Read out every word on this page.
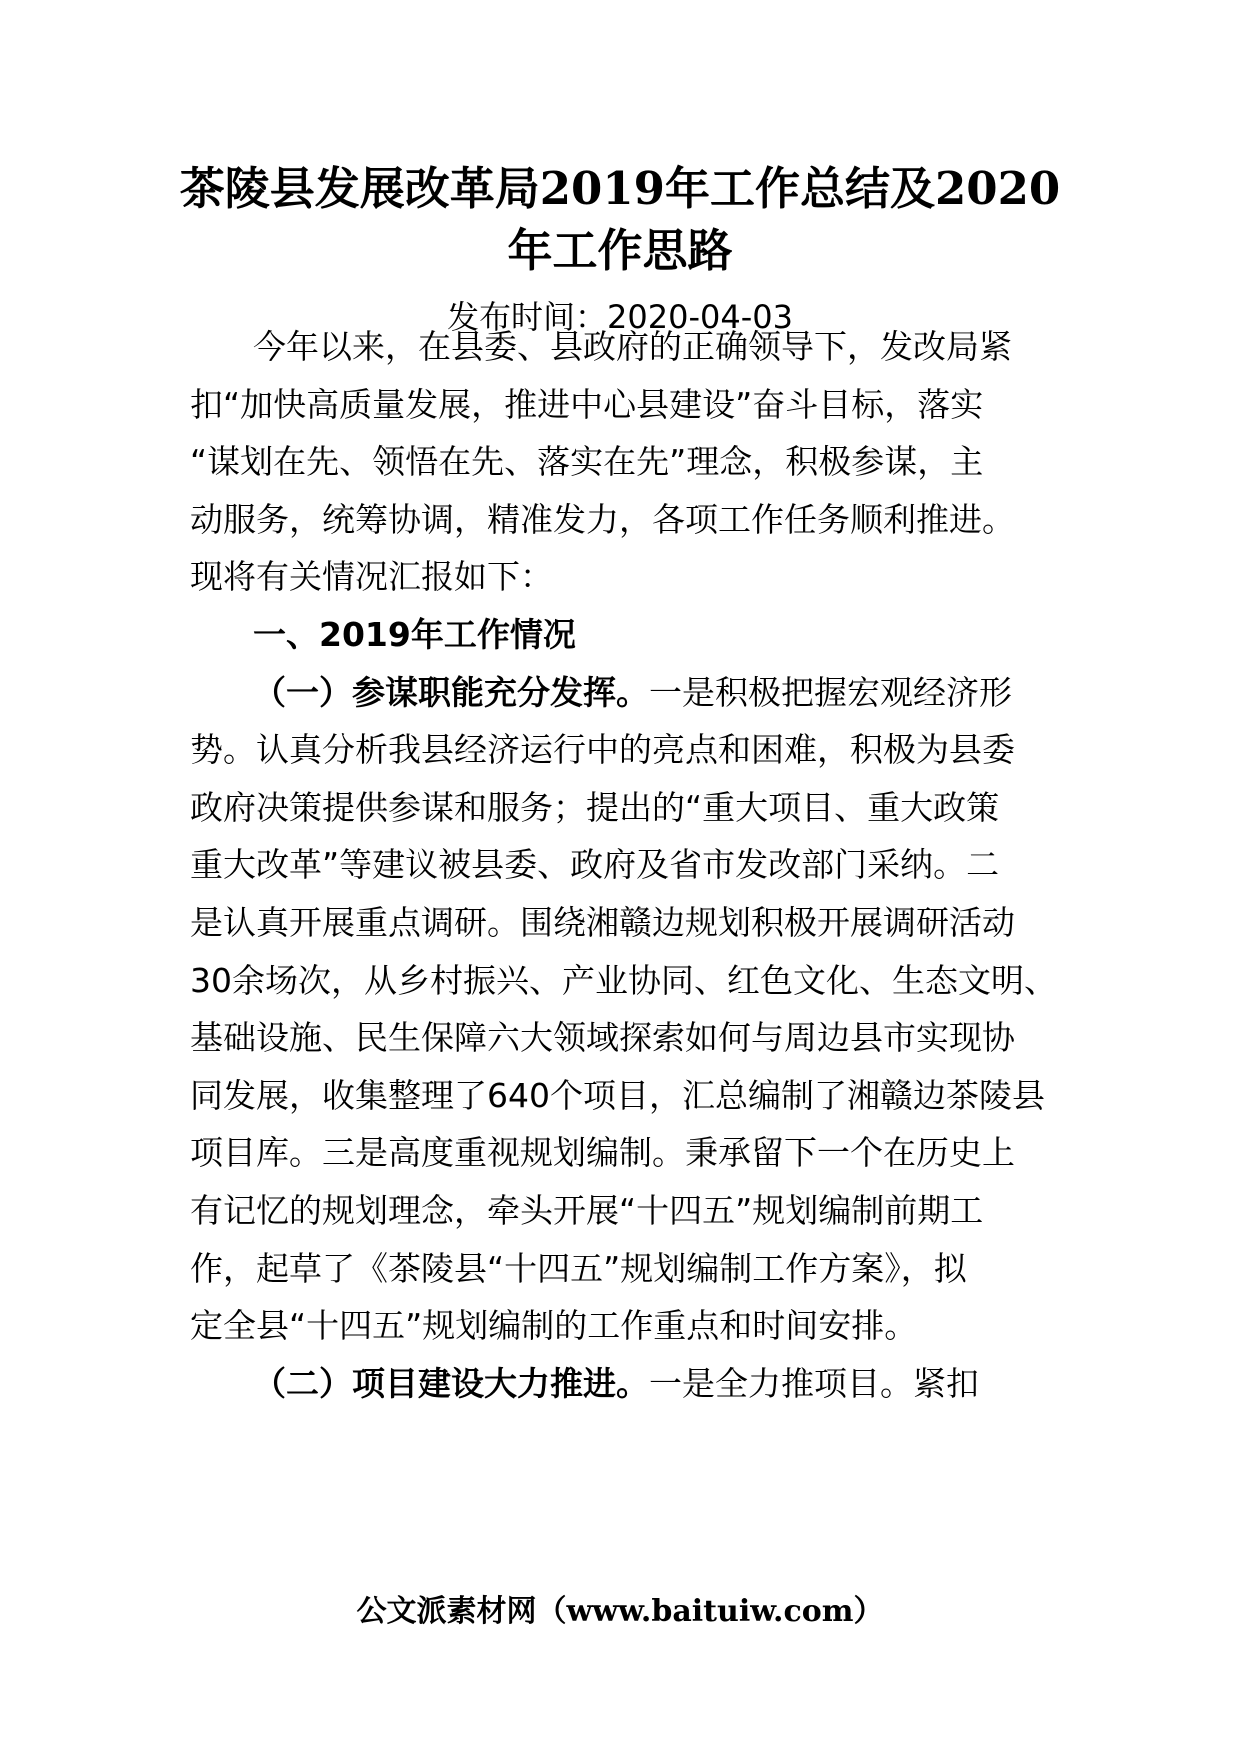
茶陵县发展改革局2019年工作总结及2020
年工作思路
发布时间：2020-04-03
今年以来，在县委、县政府的正确领导下，发改局紧
扣“加快高质量发展，推进中心县建设”奋斗目标，落实
“谋划在先、领悟在先、落实在先”理念，积极参谋，主
动服务，统筹协调，精准发力，各项工作任务顺利推进。
现将有关情况汇报如下：
一、2019年工作情况
（一）参谋职能充分发挥。一是积极把握宏观经济形
势。认真分析我县经济运行中的亮点和困难，积极为县委
政府决策提供参谋和服务；提出的“重大项目、重大政策
重大改革”等建议被县委、政府及省市发改部门采纳。二
是认真开展重点调研。围绕湘赣边规划积极开展调研活动
30余场次，从乡村振兴、产业协同、红色文化、生态文明、
基础设施、民生保障六大领域探索如何与周边县市实现协
同发展，收集整理了640个项目，汇总编制了湘赣边茶陵县
项目库。三是高度重视规划编制。秉承留下一个在历史上
有记忆的规划理念，牵头开展“十四五”规划编制前期工
作，起草了《茶陵县“十四五”规划编制工作方案》，拟
定全县“十四五”规划编制的工作重点和时间安排。
（二）项目建设大力推进。一是全力推项目。紧扣
公文派素材网（www.baituiw.com）
